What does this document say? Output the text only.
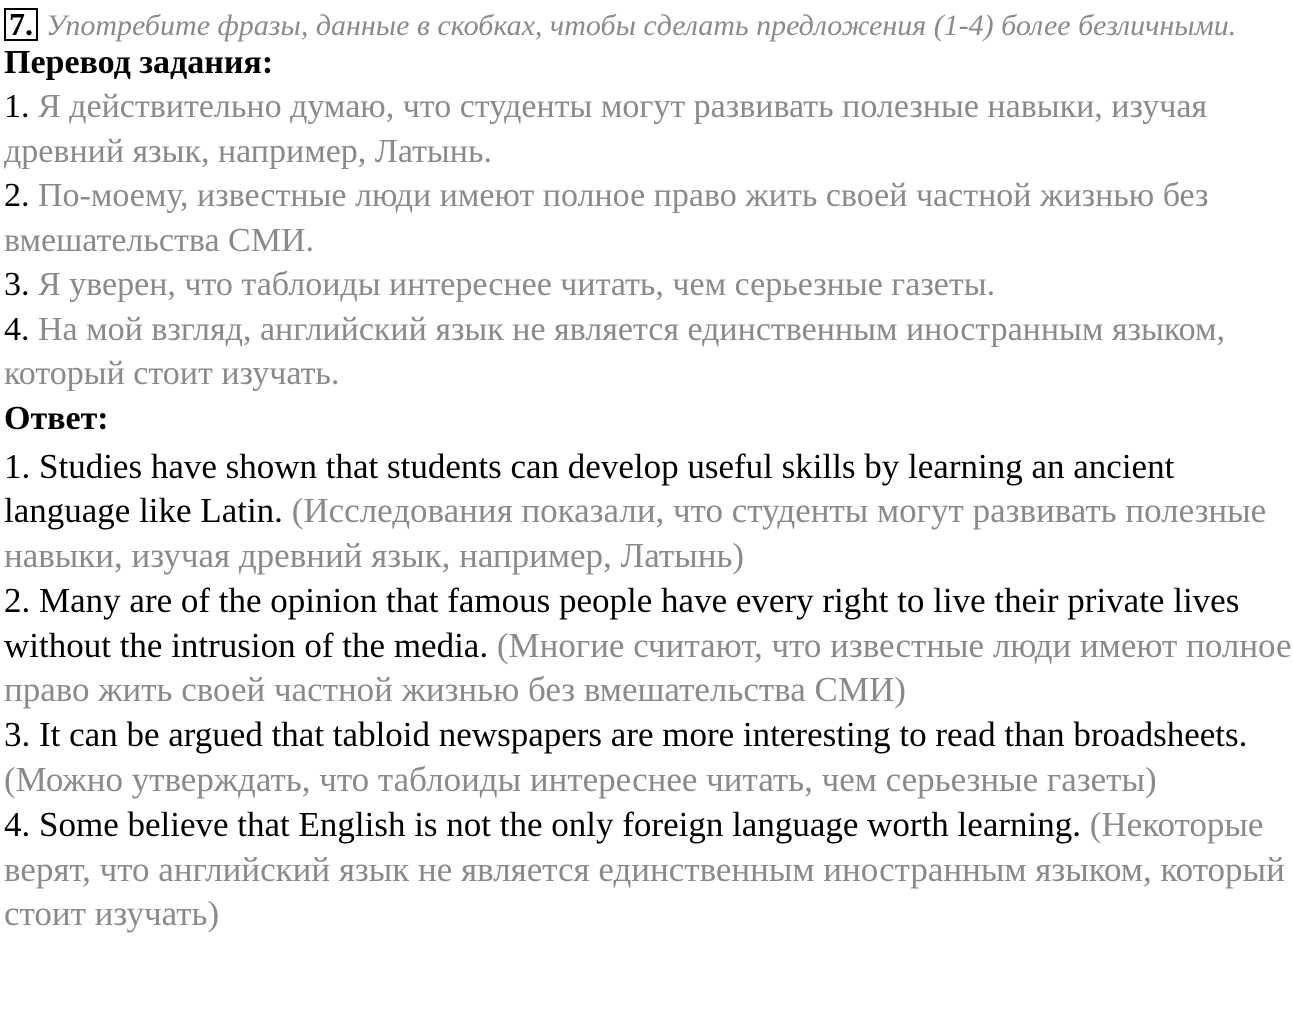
7. Употребите фразы, данные в скобках, чтобы сделать предложения (1-4) более безличными.
Перевод задания:
1. Я действительно думаю, что студенты могут развивать полезные навыки, изучая древний язык, например, Латынь.
2. По-моему, известные люди имеют полное право жить своей частной жизнью без вмешательства СМИ.
3. Я уверен, что таблоиды интереснее читать, чем серьезные газеты.
4. На мой взгляд, английский язык не является единственным иностранным языком, который стоит изучать.
Ответ:
1. Studies have shown that students can develop useful skills by learning an ancient language like Latin. (Исследования показали, что студенты могут развивать полезные навыки, изучая древний язык, например, Латынь)
2. Many are of the opinion that famous people have every right to live their private lives without the intrusion of the media. (Многие считают, что известные люди имеют полное право жить своей частной жизнью без вмешательства СМИ)
3. It can be argued that tabloid newspapers are more interesting to read than broadsheets. (Можно утверждать, что таблоиды интереснее читать, чем серьезные газеты)
4. Some believe that English is not the only foreign language worth learning. (Некоторые верят, что английский язык не является единственным иностранным языком, который стоит изучать)
